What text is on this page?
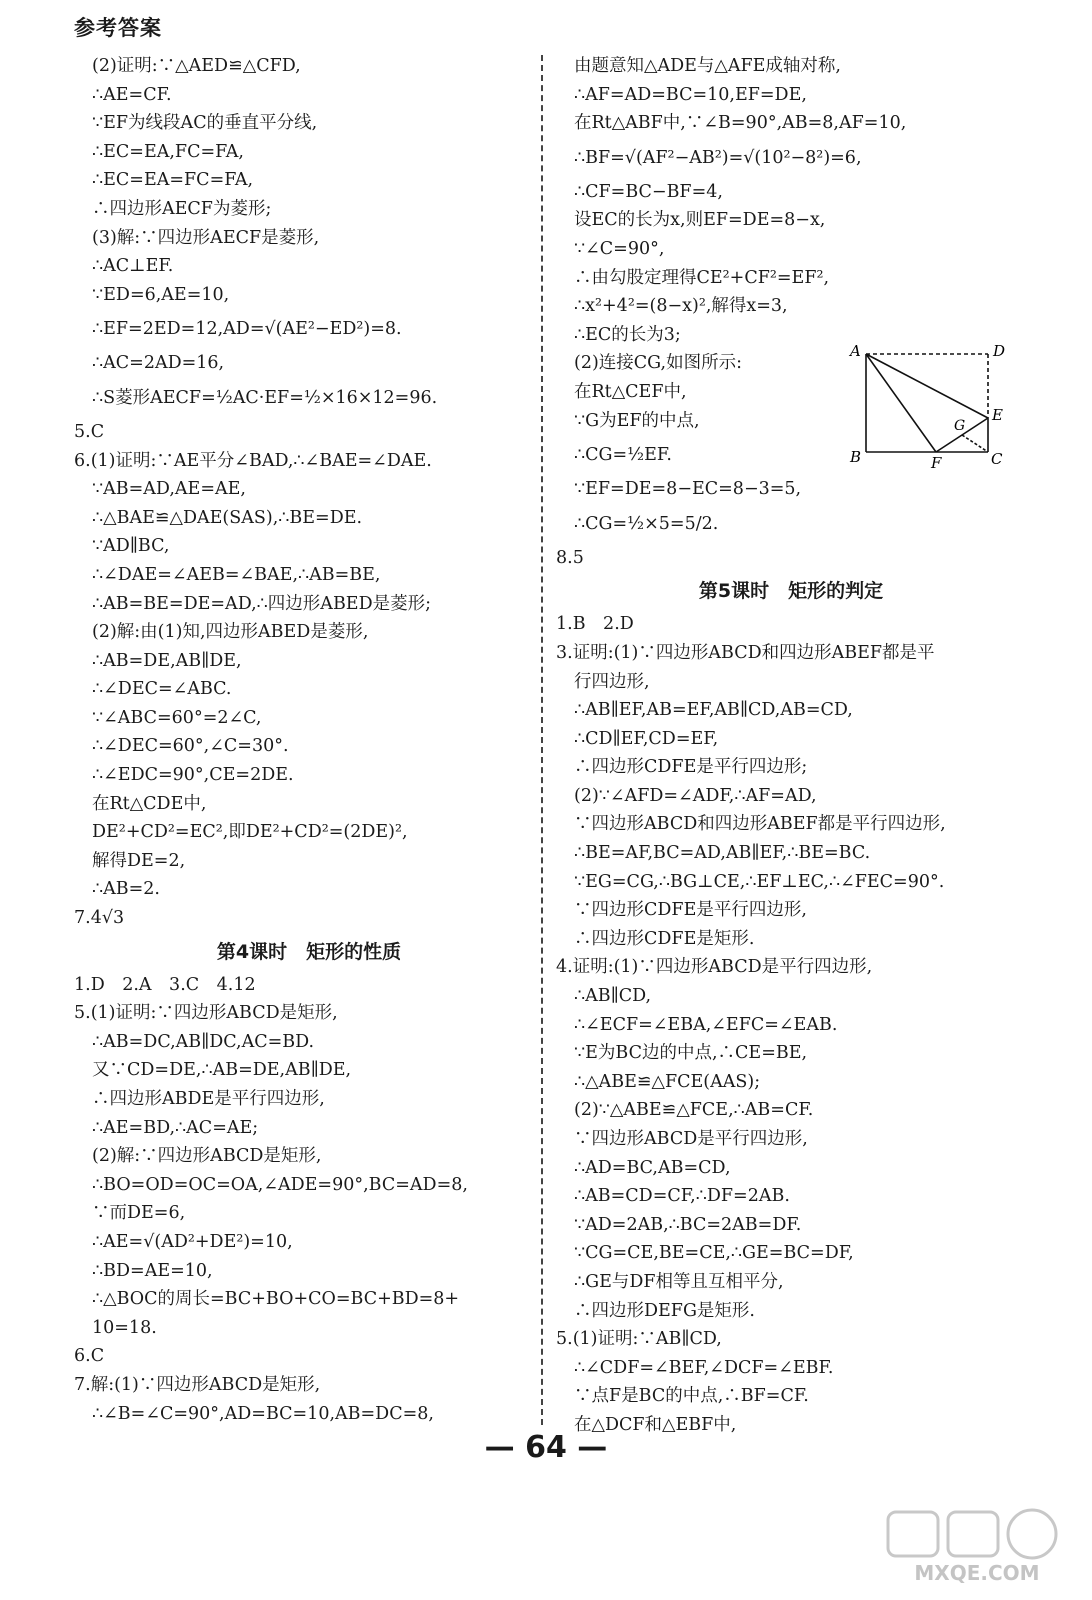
参考答案
(2)证明:∵△AED≌△CFD,
∴AE=CF.
∵EF为线段AC的垂直平分线,
∴EC=EA,FC=FA,
∴EC=EA=FC=FA,
∴四边形AECF为菱形;
(3)解:∵四边形AECF是菱形,
∴AC⊥EF.
∵ED=6,AE=10,
∴EF=2ED=12,AD=√(AE²−ED²)=8.
∴AC=2AD=16,
∴S菱形AECF=½AC·EF=½×16×12=96.
5.C
6.(1)证明:∵AE平分∠BAD,∴∠BAE=∠DAE.
∵AB=AD,AE=AE,
∴△BAE≌△DAE(SAS),∴BE=DE.
∵AD∥BC,
∴∠DAE=∠AEB=∠BAE,∴AB=BE,
∴AB=BE=DE=AD,∴四边形ABED是菱形;
(2)解:由(1)知,四边形ABED是菱形,
∴AB=DE,AB∥DE,
∴∠DEC=∠ABC.
∵∠ABC=60°=2∠C,
∴∠DEC=60°,∠C=30°.
∴∠EDC=90°,CE=2DE.
在Rt△CDE中,
DE²+CD²=EC²,即DE²+CD²=(2DE)²,
解得DE=2,
∴AB=2.
7.4√3
第4课时　矩形的性质
1.D　2.A　3.C　4.12
5.(1)证明:∵四边形ABCD是矩形,
∴AB=DC,AB∥DC,AC=BD.
又∵CD=DE,∴AB=DE,AB∥DE,
∴四边形ABDE是平行四边形,
∴AE=BD,∴AC=AE;
(2)解:∵四边形ABCD是矩形,
∴BO=OD=OC=OA,∠ADE=90°,BC=AD=8,
∵而DE=6,
∴AE=√(AD²+DE²)=10,
∴BD=AE=10,
∴△BOC的周长=BC+BO+CO=BC+BD=8+
10=18.
6.C
7.解:(1)∵四边形ABCD是矩形,
∴∠B=∠C=90°,AD=BC=10,AB=DC=8,
由题意知△ADE与△AFE成轴对称,
∴AF=AD=BC=10,EF=DE,
在Rt△ABF中,∵∠B=90°,AB=8,AF=10,
∴BF=√(AF²−AB²)=√(10²−8²)=6,
∴CF=BC−BF=4,
设EC的长为x,则EF=DE=8−x,
∵∠C=90°,
∴由勾股定理得CE²+CF²=EF²,
∴x²+4²=(8−x)²,解得x=3,
∴EC的长为3;
(2)连接CG,如图所示:
在Rt△CEF中,
∵G为EF的中点,
∴CG=½EF.
∵EF=DE=8−EC=8−3=5,
∴CG=½×5=5/2.
8.5
第5课时　矩形的判定
1.B　2.D
3.证明:(1)∵四边形ABCD和四边形ABEF都是平
行四边形,
∴AB∥EF,AB=EF,AB∥CD,AB=CD,
∴CD∥EF,CD=EF,
∴四边形CDFE是平行四边形;
(2)∵∠AFD=∠ADF,∴AF=AD,
∵四边形ABCD和四边形ABEF都是平行四边形,
∴BE=AF,BC=AD,AB∥EF,∴BE=BC.
∵EG=CG,∴BG⊥CE,∴EF⊥EC,∴∠FEC=90°.
∵四边形CDFE是平行四边形,
∴四边形CDFE是矩形.
4.证明:(1)∵四边形ABCD是平行四边形,
∴AB∥CD,
∴∠ECF=∠EBA,∠EFC=∠EAB.
∵E为BC边的中点,∴CE=BE,
∴△ABE≌△FCE(AAS);
(2)∵△ABE≌△FCE,∴AB=CF.
∵四边形ABCD是平行四边形,
∴AD=BC,AB=CD,
∴AB=CD=CF,∴DF=2AB.
∵AD=2AB,∴BC=2AB=DF.
∵CG=CE,BE=CE,∴GE=BC=DF,
∴GE与DF相等且互相平分,
∴四边形DEFG是矩形.
5.(1)证明:∵AB∥CD,
∴∠CDF=∠BEF,∠DCF=∠EBF.
∵点F是BC的中点,∴BF=CF.
在△DCF和△EBF中,
A	D
E
B	C
F
G
— 64 —
MXQE.COM
